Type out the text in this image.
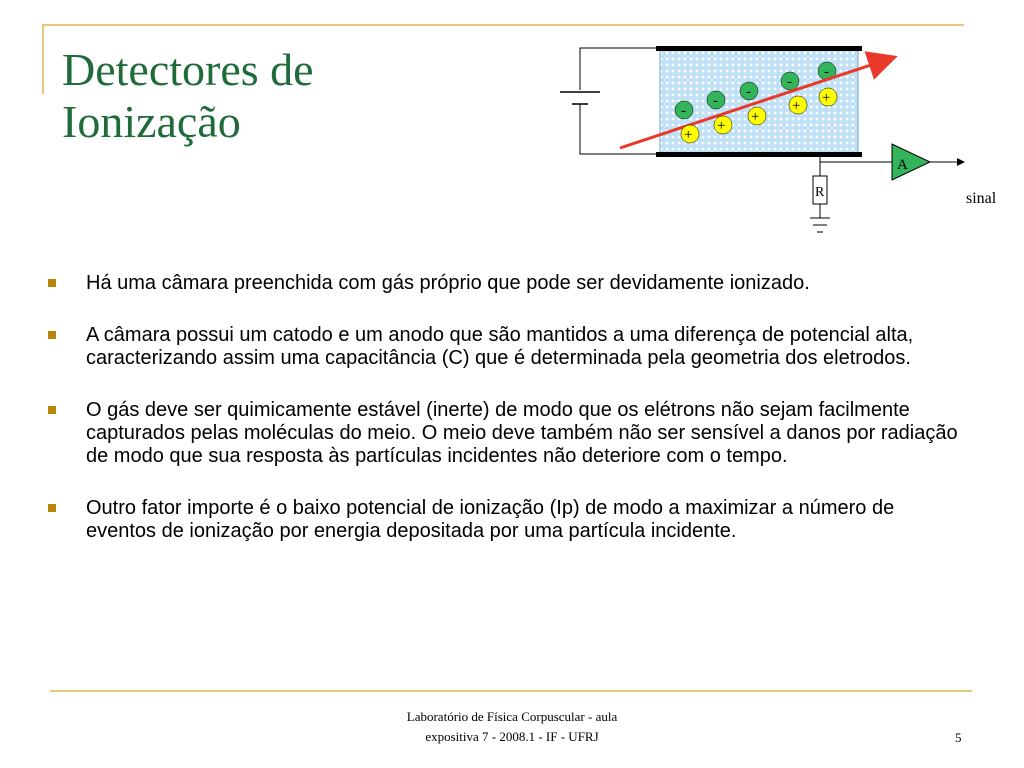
Detectores de
Ionização
A
R
-
-
-
-
-
+
+
+
+
+
sinal
Há uma câmara preenchida com gás próprio que pode ser devidamente ionizado.
A câmara possui um catodo e um anodo que são mantidos a uma diferença de potencial alta, caracterizando assim uma capacitância (C) que é determinada pela geometria dos eletrodos.
O gás deve ser quimicamente estável (inerte) de modo que os elétrons não sejam facilmente capturados pelas moléculas do meio. O meio deve também não ser sensível a danos por radiação de modo que sua resposta às partículas incidentes não deteriore com o tempo.
Outro fator importe é o baixo potencial de ionização (Ip) de modo a maximizar a número de eventos de ionização por energia depositada por uma partícula incidente.
Laboratório de Física Corpuscular - aula
expositiva 7 - 2008.1 - IF - UFRJ	5
